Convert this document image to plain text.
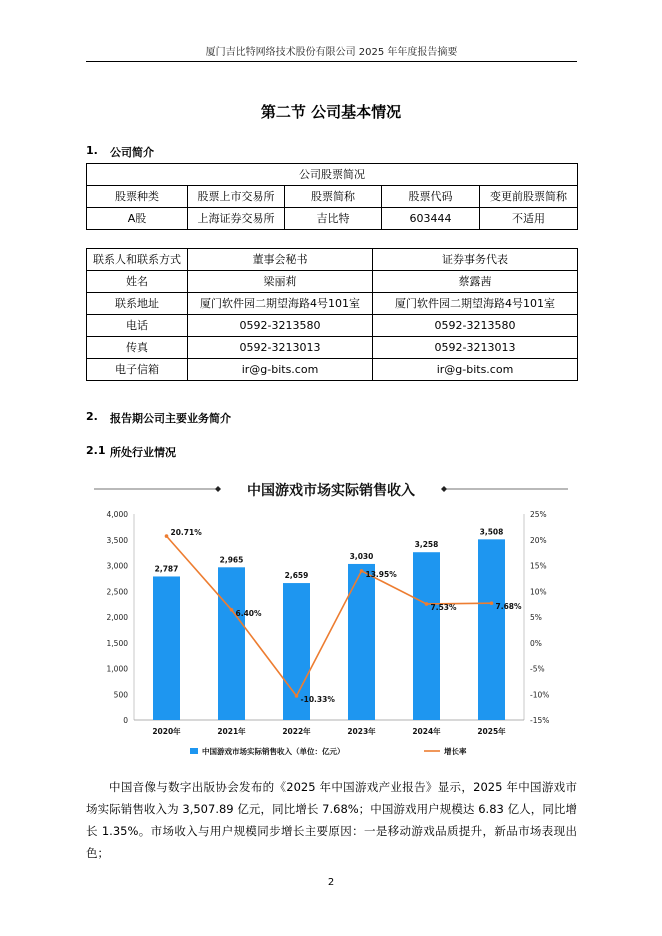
厦门吉比特网络技术股份有限公司 2025 年年度报告摘要
第二节 公司基本情况
1. 公司简介
公司股票简况				
股票种类	股票上市交易所	股票简称	股票代码	变更前股票简称
A股	上海证券交易所	吉比特	603444	不适用
联系人和联系方式	董事会秘书	证券事务代表
姓名	梁丽莉	蔡露茜
联系地址	厦门软件园二期望海路4号101室	厦门软件园二期望海路4号101室
电话	0592-3213580	0592-3213580
传真	0592-3213013	0592-3213013
电子信箱	ir@g-bits.com	ir@g-bits.com
2. 报告期公司主要业务简介
2.1 所处行业情况
中国游戏市场实际销售收入
0
500
1,000
1,500
2,000
2,500
3,000
3,500
4,000
-15%
-10%
-5%
0%
5%
10%
15%
20%
25%
2,787
2,965
2,659
3,030
3,258
3,508
2020年	2021年	2022年	2023年	2024年	2025年
20.71%
6.40%
-10.33%
13.95%
7.53%	7.68%
中国游戏市场实际销售收入（单位：亿元）	增长率
中国音像与数字出版协会发布的《2025 年中国游戏产业报告》显示，2025 年中国游戏市场实际销售收入为 3,507.89 亿元，同比增长 7.68%；中国游戏用户规模达 6.83 亿人，同比增长 1.35%。市场收入与用户规模同步增长主要原因：一是移动游戏品质提升，新品市场表现出色；
2
